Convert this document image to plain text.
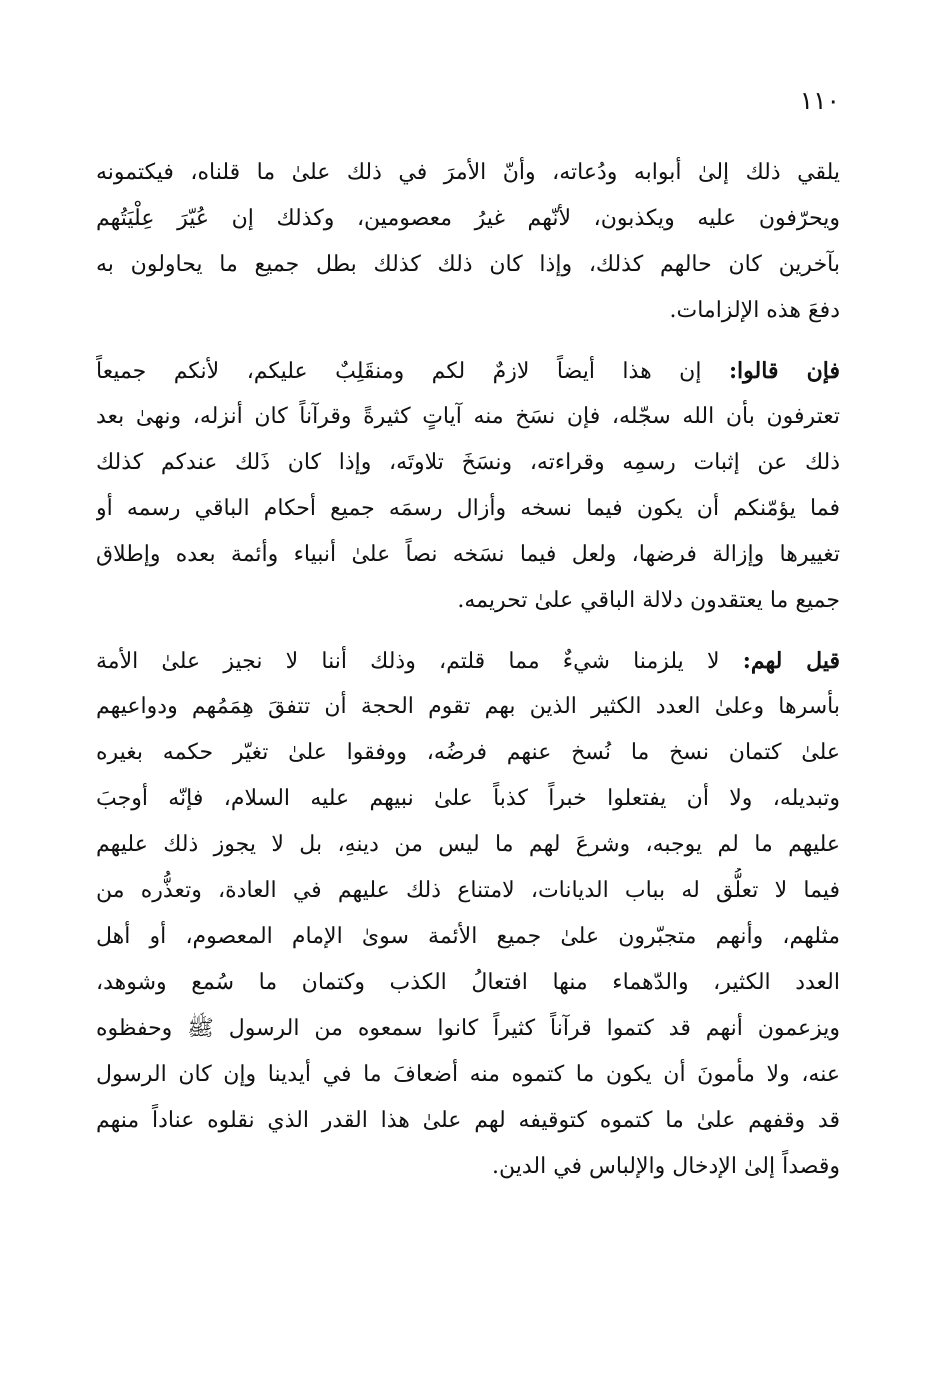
١١٠

يلقي ذلك إلىٰ أبوابه ودُعاته، وأنّ الأمرَ في ذلك علىٰ ما قلناه، فيكتمونه
ويحرّفون عليه ويكذبون، لأنّهم غيرُ معصومين، وكذلك إن عُيّرَ عِلْيَتُهم
بآخرين كان حالهم كذلك، وإذا كان ذلك كذلك بطل جميع ما يحاولون به
دفعَ هذه الإلزامات.

فإن قالوا: إن هذا أيضاً لازمٌ لكم ومنقَلِبٌ عليكم، لأنكم جميعاً
تعترفون بأن الله سجّله، فإن نسَخ منه آياتٍ كثيرةً وقرآناً كان أنزله، ونهىٰ بعد
ذلك عن إثبات رسمِه وقراءته، ونسَخَ تلاوتَه، وإذا كان ذَلك عندكم كذلك
فما يؤمّنكم أن يكون فيما نسخه وأزال رسمَه جميع أحكام الباقي رسمه أو
تغييرها وإزالة فرضها، ولعل فيما نسَخه نصاً علىٰ أنبياء وأئمة بعده وإطلاق
جميع ما يعتقدون دلالة الباقي علىٰ تحريمه.

قيل لهم: لا يلزمنا شيءٌ مما قلتم، وذلك أننا لا نجيز علىٰ الأمة
بأسرها وعلىٰ العدد الكثير الذين بهم تقوم الحجة أن تتفقَ هِمَمُهم ودواعيهم
علىٰ كتمان نسخ ما نُسخ عنهم فرضُه، ووفقوا علىٰ تغيّر حكمه بغيره
وتبديله، ولا أن يفتعلوا خبراً كذباً علىٰ نبيهم عليه السلام، فإنّه أوجبَ
عليهم ما لم يوجبه، وشرعَ لهم ما ليس من دينهِ، بل لا يجوز ذلك عليهم
فيما لا تعلُّق له بباب الديانات، لامتناع ذلك عليهم في العادة، وتعذُّره من
مثلهم، وأنهم متجبّرون علىٰ جميع الأئمة سوىٰ الإمام المعصوم، أو أهل
العدد الكثير، والدّهماء منها افتعالُ الكذب وكتمان ما سُمع وشوهد،
ويزعمون أنهم قد كتموا قرآناً كثيراً كانوا سمعوه من الرسول ﷺ وحفظوه
عنه، ولا مأمونَ أن يكون ما كتموه منه أضعافَ ما في أيدينا وإن كان الرسول
قد وقفهم علىٰ ما كتموه كتوقيفه لهم علىٰ هذا القدر الذي نقلوه عناداً منهم
وقصداً إلىٰ الإدخال والإلباس في الدين.
